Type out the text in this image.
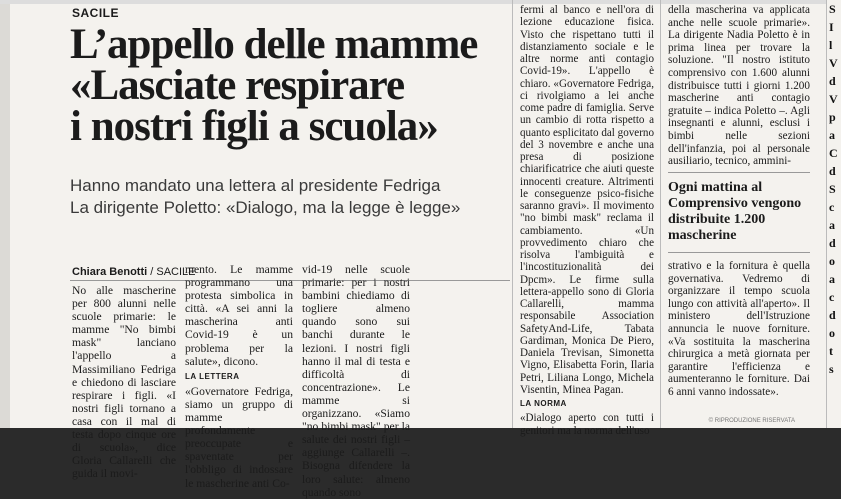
SACILE
L’appello delle mamme
«Lasciate respirare
i nostri figli a scuola»
Hanno mandato una lettera al presidente Fedriga
La dirigente Poletto: «Dialogo, ma la legge è legge»
Chiara Benotti / SACILE

No alle mascherine per 800 alunni nelle scuole primarie: le mamme "No bimbi mask" lanciano l'appello a Massimiliano Fedriga e chiedono di lasciare respirare i figli. «I nostri figli tornano a casa con il mal di testa dopo cinque ore di scuola», dice Gloria Callarelli che guida il movi-

mento. Le mamme programmano una protesta simbolica in città. «A sei anni la mascherina anti Covid-19 è un problema per la salute», dicono.

LA LETTERA

«Governatore Fedriga, siamo un gruppo di mamme profondamente preoccupate e spaventate per l'obbligo di indossare le mascherine anti Co-

vid-19 nelle scuole primarie: per i nostri bambini chiediamo di togliere almeno quando sono sui banchi durante le lezioni. I nostri figli hanno il mal di testa e difficoltà di concentrazione». Le mamme si organizzano. «Siamo "no bimbi mask" per la salute dei nostri figli – aggiunge Callarelli –. Bisogna difendere la loro salute: almeno quando sono

fermi al banco e nell'ora di lezione educazione fisica. Visto che rispettano tutti il distanziamento sociale e le altre norme anti contagio Covid-19». L'appello è chiaro. «Governatore Fedriga, ci rivolgiamo a lei anche come padre di famiglia. Serve un cambio di rotta rispetto a quanto esplicitato dal governo del 3 novembre e anche una presa di posizione chiarificatrice che aiuti queste innocenti creature. Altrimenti le conseguenze psico-fisiche saranno gravi». Il movimento "no bimbi mask" reclama il cambiamento. «Un provvedimento chiaro che risolva l'ambiguità e l'incostituzionalità dei Dpcm». Le firme sulla lettera-appello sono di Gloria Callarelli, mamma responsabile Association SafetyAnd-Life, Tabata Gardiman, Monica De Piero, Daniela Trevisan, Simonetta Vigno, Elisabetta Forin, Ilaria Petri, Liliana Longo, Michela Visentin, Minea Pagan.

LA NORMA

«Dialogo aperto con tutti i genitori ma la norma dell'uso

della mascherina va applicata anche nelle scuole primarie». La dirigente Nadia Poletto è in prima linea per trovare la soluzione. "Il nostro istituto comprensivo con 1.600 alunni distribuisce tutti i giorni 1.200 mascherine anti contagio gratuite – indica Poletto –. Agli insegnanti e alunni, esclusi i bimbi nelle sezioni dell'infanzia, poi al personale ausiliario, tecnico, ammini-

Ogni mattina al Comprensivo vengono distribuite 1.200 mascherine

strativo e la fornitura è quella governativa. Vedremo di organizzare il tempo scuola lungo con attività all'aperto». Il ministero dell'Istruzione annuncia le nuove forniture. «Va sostituita la mascherina chirurgica a metà giornata per garantire l'efficienza e aumenteranno le forniture. Dai 6 anni vanno indossate».

© RIPRODUZIONE RISERVATA
S
I
l
V
d
V
p
a
C
d
S
c
a
d
o
a
c
d
o
t
s
